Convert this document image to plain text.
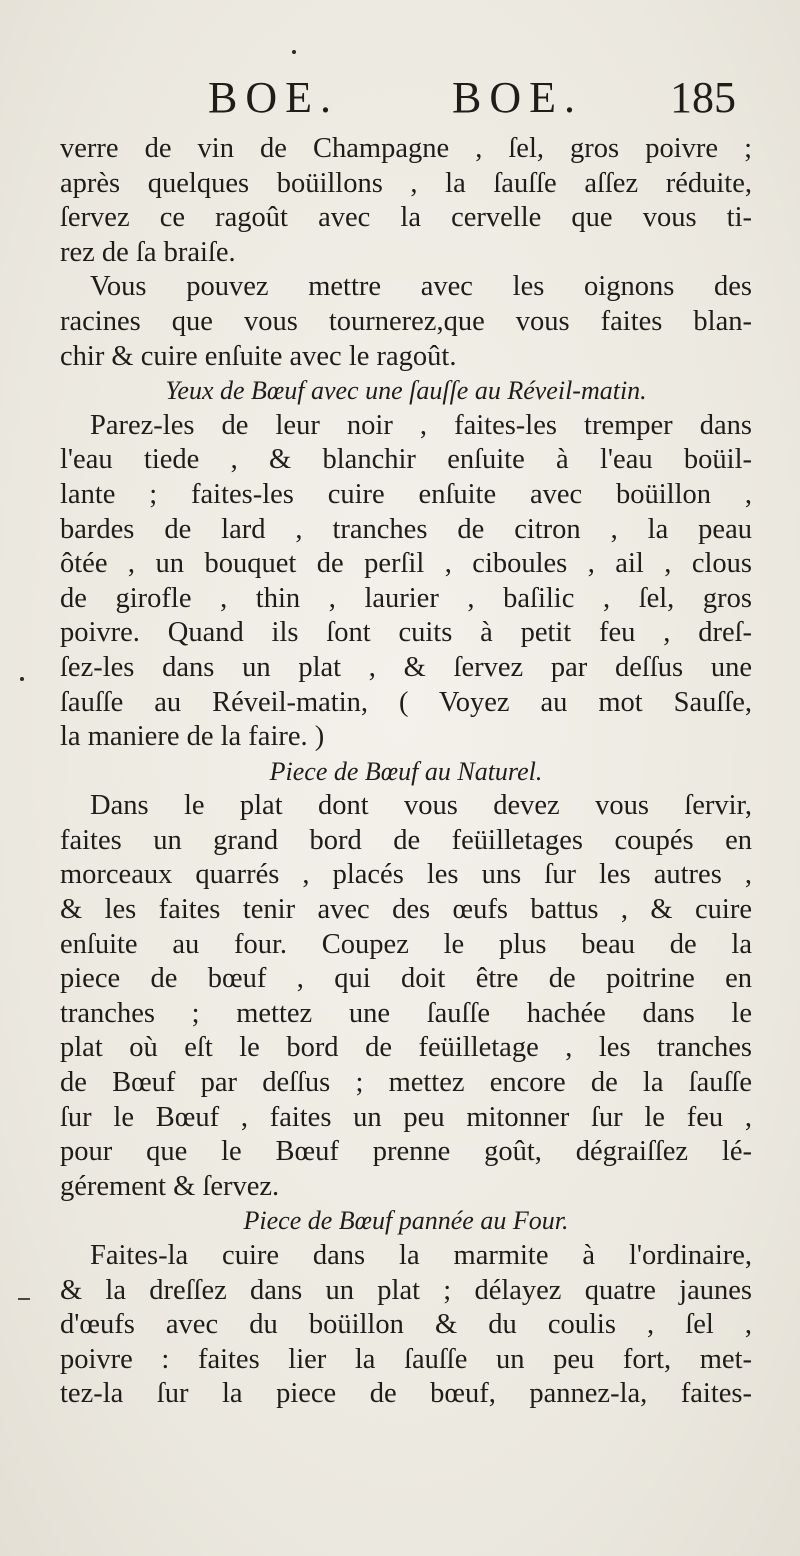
BOE.	BOE. 185
verre de vin de Champagne , ſel, gros poivre ;
après quelques boüillons , la ſauſſe aſſez réduite,
ſervez ce ragoût avec la cervelle que vous ti-
rez de ſa braiſe.
Vous pouvez mettre avec les oignons des
racines que vous tournerez,que vous faites blan-
chir & cuire enſuite avec le ragoût.
Yeux de Bœuf avec une ſauſſe au Réveil-matin.
Parez-les de leur noir , faites-les tremper dans
l'eau tiede , & blanchir enſuite à l'eau boüil-
lante ; faites-les cuire enſuite avec boüillon ,
bardes de lard , tranches de citron , la peau
ôtée , un bouquet de perſil , ciboules , ail , clous
de girofle , thin , laurier , baſilic , ſel, gros
poivre. Quand ils ſont cuits à petit feu , dreſ-
ſez-les dans un plat , & ſervez par deſſus une
ſauſſe au Réveil-matin, ( Voyez au mot Sauſſe,
la maniere de la faire. )
Piece de Bœuf au Naturel.
Dans le plat dont vous devez vous ſervir,
faites un grand bord de feüilletages coupés en
morceaux quarrés , placés les uns ſur les autres ,
& les faites tenir avec des œufs battus , & cuire
enſuite au four. Coupez le plus beau de la
piece de bœuf , qui doit être de poitrine en
tranches ; mettez une ſauſſe hachée dans le
plat où eſt le bord de feüilletage , les tranches
de Bœuf par deſſus ; mettez encore de la ſauſſe
ſur le Bœuf , faites un peu mitonner ſur le feu ,
pour que le Bœuf prenne goût, dégraiſſez lé-
gérement & ſervez.
Piece de Bœuf pannée au Four.
Faites-la cuire dans la marmite à l'ordinaire,
& la dreſſez dans un plat ; délayez quatre jaunes
d'œufs avec du boüillon & du coulis , ſel ,
poivre : faites lier la ſauſſe un peu fort, met-
tez-la ſur la piece de bœuf, pannez-la, faites-
